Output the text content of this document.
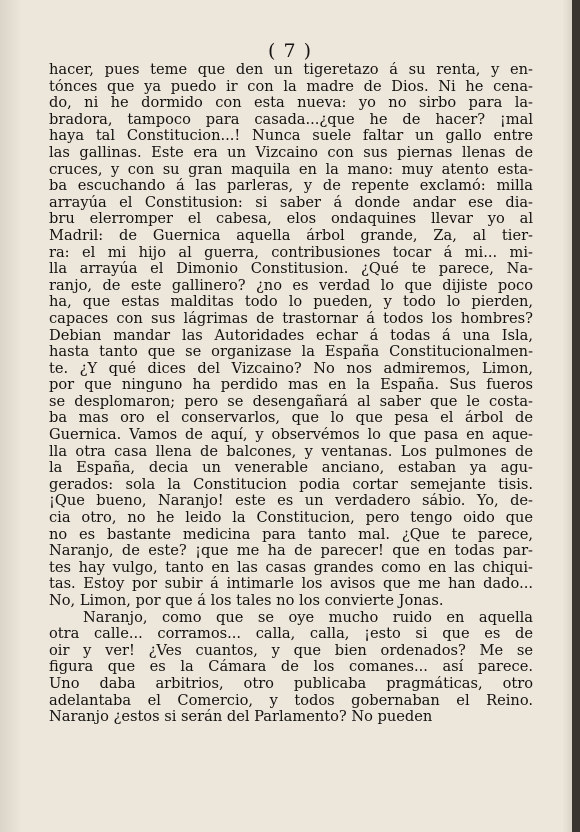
( 7 )
hacer, pues teme que den un tigeretazo á su renta, y en-
tónces que ya puedo ir con la madre de Dios. Ni he cena-
do, ni he dormido con esta nueva: yo no sirbo para la-
bradora, tampoco para casada...¿que he de hacer? ¡mal
haya tal Constitucion...! Nunca suele faltar un gallo entre
las gallinas. Este era un Vizcaino con sus piernas llenas de
cruces, y con su gran maquila en la mano: muy atento esta-
ba escuchando á las parleras, y de repente exclamó: milla
arrayúa el Constitusion: si saber á donde andar ese dia-
bru elerromper el cabesa, elos ondaquines llevar yo al
Madril: de Guernica aquella árbol grande, Za, al tier-
ra: el mi hijo al guerra, contribusiones tocar á mi... mi-
lla arrayúa el Dimonio Constitusion. ¿Qué te parece, Na-
ranjo, de este gallinero? ¿no es verdad lo que dijiste poco
ha, que estas malditas todo lo pueden, y todo lo pierden,
capaces con sus lágrimas de trastornar á todos los hombres?
Debian mandar las Autoridades echar á todas á una Isla,
hasta tanto que se organizase la España Constitucionalmen-
te. ¿Y qué dices del Vizcaino? No nos admiremos, Limon,
por que ninguno ha perdido mas en la España. Sus fueros
se desplomaron; pero se desengañará al saber que le costa-
ba mas oro el conservarlos, que lo que pesa el árbol de
Guernica. Vamos de aquí, y observémos lo que pasa en aque-
lla otra casa llena de balcones, y ventanas. Los pulmones de
la España, decia un venerable anciano, estaban ya agu-
gerados: sola la Constitucion podia cortar semejante tisis.
¡Que bueno, Naranjo! este es un verdadero sábio. Yo, de-
cia otro, no he leido la Constitucion, pero tengo oido que
no es bastante medicina para tanto mal. ¿Que te parece,
Naranjo, de este? ¡que me ha de parecer! que en todas par-
tes hay vulgo, tanto en las casas grandes como en las chiqui-
tas. Estoy por subir á intimarle los avisos que me han dado...
No, Limon, por que á los tales no los convierte Jonas.
Naranjo, como que se oye mucho ruido en aquella
otra calle... corramos... calla, calla, ¡esto si que es de
oir y ver! ¿Ves cuantos, y que bien ordenados? Me se
figura que es la Cámara de los comanes... así parece.
Uno daba arbitrios, otro publicaba pragmáticas, otro
adelantaba el Comercio, y todos gobernaban el Reino.
Naranjo ¿estos si serán del Parlamento? No pueden
